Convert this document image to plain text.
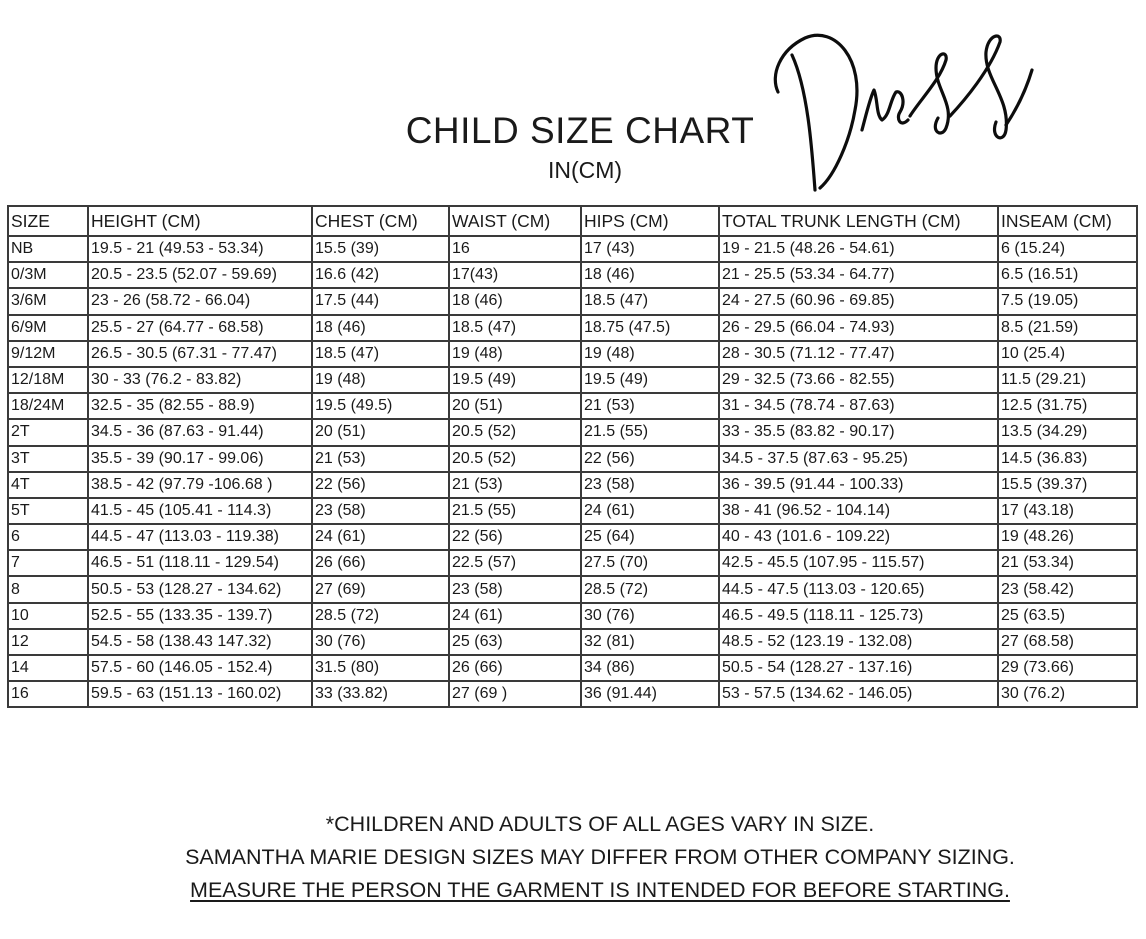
CHILD SIZE CHART
IN(CM)
SIZE	HEIGHT (CM)	CHEST (CM)	WAIST (CM)	HIPS (CM)	TOTAL TRUNK LENGTH (CM)	INSEAM (CM)
NB	19.5 - 21 (49.53 - 53.34)	15.5 (39)	16	17 (43)	19 - 21.5 (48.26 - 54.61)	6 (15.24)
0/3M	20.5 - 23.5 (52.07 - 59.69)	16.6 (42)	17(43)	18 (46)	21 - 25.5 (53.34 - 64.77)	6.5 (16.51)
3/6M	23 - 26 (58.72 - 66.04)	17.5 (44)	18 (46)	18.5 (47)	24 - 27.5 (60.96 - 69.85)	7.5 (19.05)
6/9M	25.5 - 27 (64.77 - 68.58)	18 (46)	18.5 (47)	18.75 (47.5)	26 - 29.5 (66.04 - 74.93)	8.5 (21.59)
9/12M	26.5 - 30.5 (67.31 - 77.47)	18.5 (47)	19 (48)	19 (48)	28 - 30.5 (71.12 - 77.47)	10 (25.4)
12/18M	30 - 33 (76.2 - 83.82)	19 (48)	19.5 (49)	19.5 (49)	29 - 32.5 (73.66 - 82.55)	11.5 (29.21)
18/24M	32.5 - 35 (82.55 - 88.9)	19.5 (49.5)	20 (51)	21 (53)	31 - 34.5 (78.74 - 87.63)	12.5 (31.75)
2T	34.5 - 36 (87.63 - 91.44)	20 (51)	20.5 (52)	21.5 (55)	33 - 35.5 (83.82 - 90.17)	13.5 (34.29)
3T	35.5 - 39 (90.17 - 99.06)	21 (53)	20.5 (52)	22 (56)	34.5 - 37.5 (87.63 - 95.25)	14.5 (36.83)
4T	38.5 - 42 (97.79 -106.68 )	22 (56)	21 (53)	23 (58)	36 - 39.5 (91.44 - 100.33)	15.5 (39.37)
5T	41.5 - 45 (105.41 - 114.3)	23 (58)	21.5 (55)	24 (61)	38 - 41 (96.52 - 104.14)	17 (43.18)
6	44.5 - 47 (113.03 - 119.38)	24 (61)	22 (56)	25 (64)	40 - 43 (101.6 - 109.22)	19 (48.26)
7	46.5 - 51 (118.11 - 129.54)	26 (66)	22.5 (57)	27.5 (70)	42.5 - 45.5 (107.95 - 115.57)	21 (53.34)
8	50.5 - 53 (128.27 - 134.62)	27 (69)	23 (58)	28.5 (72)	44.5 - 47.5 (113.03 - 120.65)	23 (58.42)
10	52.5 - 55 (133.35 - 139.7)	28.5 (72)	24 (61)	30 (76)	46.5 - 49.5 (118.11 - 125.73)	25 (63.5)
12	54.5 - 58 (138.43 147.32)	30 (76)	25 (63)	32 (81)	48.5 - 52 (123.19 - 132.08)	27 (68.58)
14	57.5 - 60 (146.05 - 152.4)	31.5 (80)	26 (66)	34 (86)	50.5 - 54 (128.27 - 137.16)	29 (73.66)
16	59.5 - 63 (151.13 - 160.02)	33 (33.82)	27 (69 )	36 (91.44)	53 - 57.5 (134.62 - 146.05)	30 (76.2)
*CHILDREN AND ADULTS OF ALL AGES VARY IN SIZE.
SAMANTHA MARIE DESIGN SIZES MAY DIFFER FROM OTHER COMPANY SIZING.
MEASURE THE PERSON THE GARMENT IS INTENDED FOR BEFORE STARTING.
